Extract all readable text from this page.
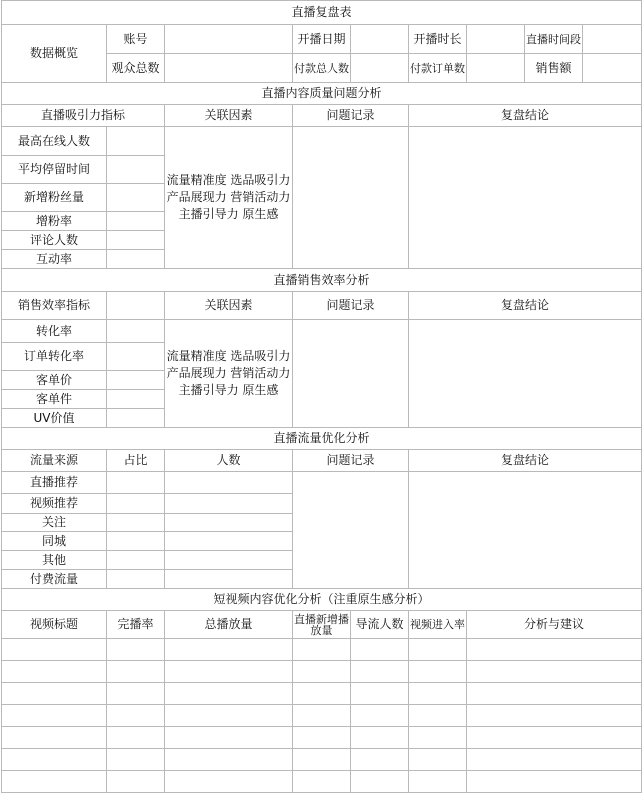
直播复盘表								
数据概览	账号		开播日期		开播时长		直播时间段	
	观众总数		付款总人数		付款订单数		销售额	
直播内容质量问题分析								
直播吸引力指标		关联因素	问题记录		复盘结论			
最高在线人数		流量精准度 选品吸引力
产品展现力 营销活动力
主播引导力 原生感						

平均停留时间								
新增粉丝量								
增粉率								
评论人数								
互动率								
直播销售效率分析								
销售效率指标		关联因素	问题记录		复盘结论			
转化率		流量精准度 选品吸引力
产品展现力 营销活动力
主播引导力 原生感						

订单转化率								
客单价								
客单件								
UV价值								
直播流量优化分析								
流量来源	占比	人数	问题记录		复盘结论			
直播推荐								
视频推荐								
关注								
同城								
其他								
付费流量								
短视频内容优化分析（注重原生感分析）								
视频标题	完播率	总播放量	直播新增播放量	导流人数	视频进入率	分析与建议		
